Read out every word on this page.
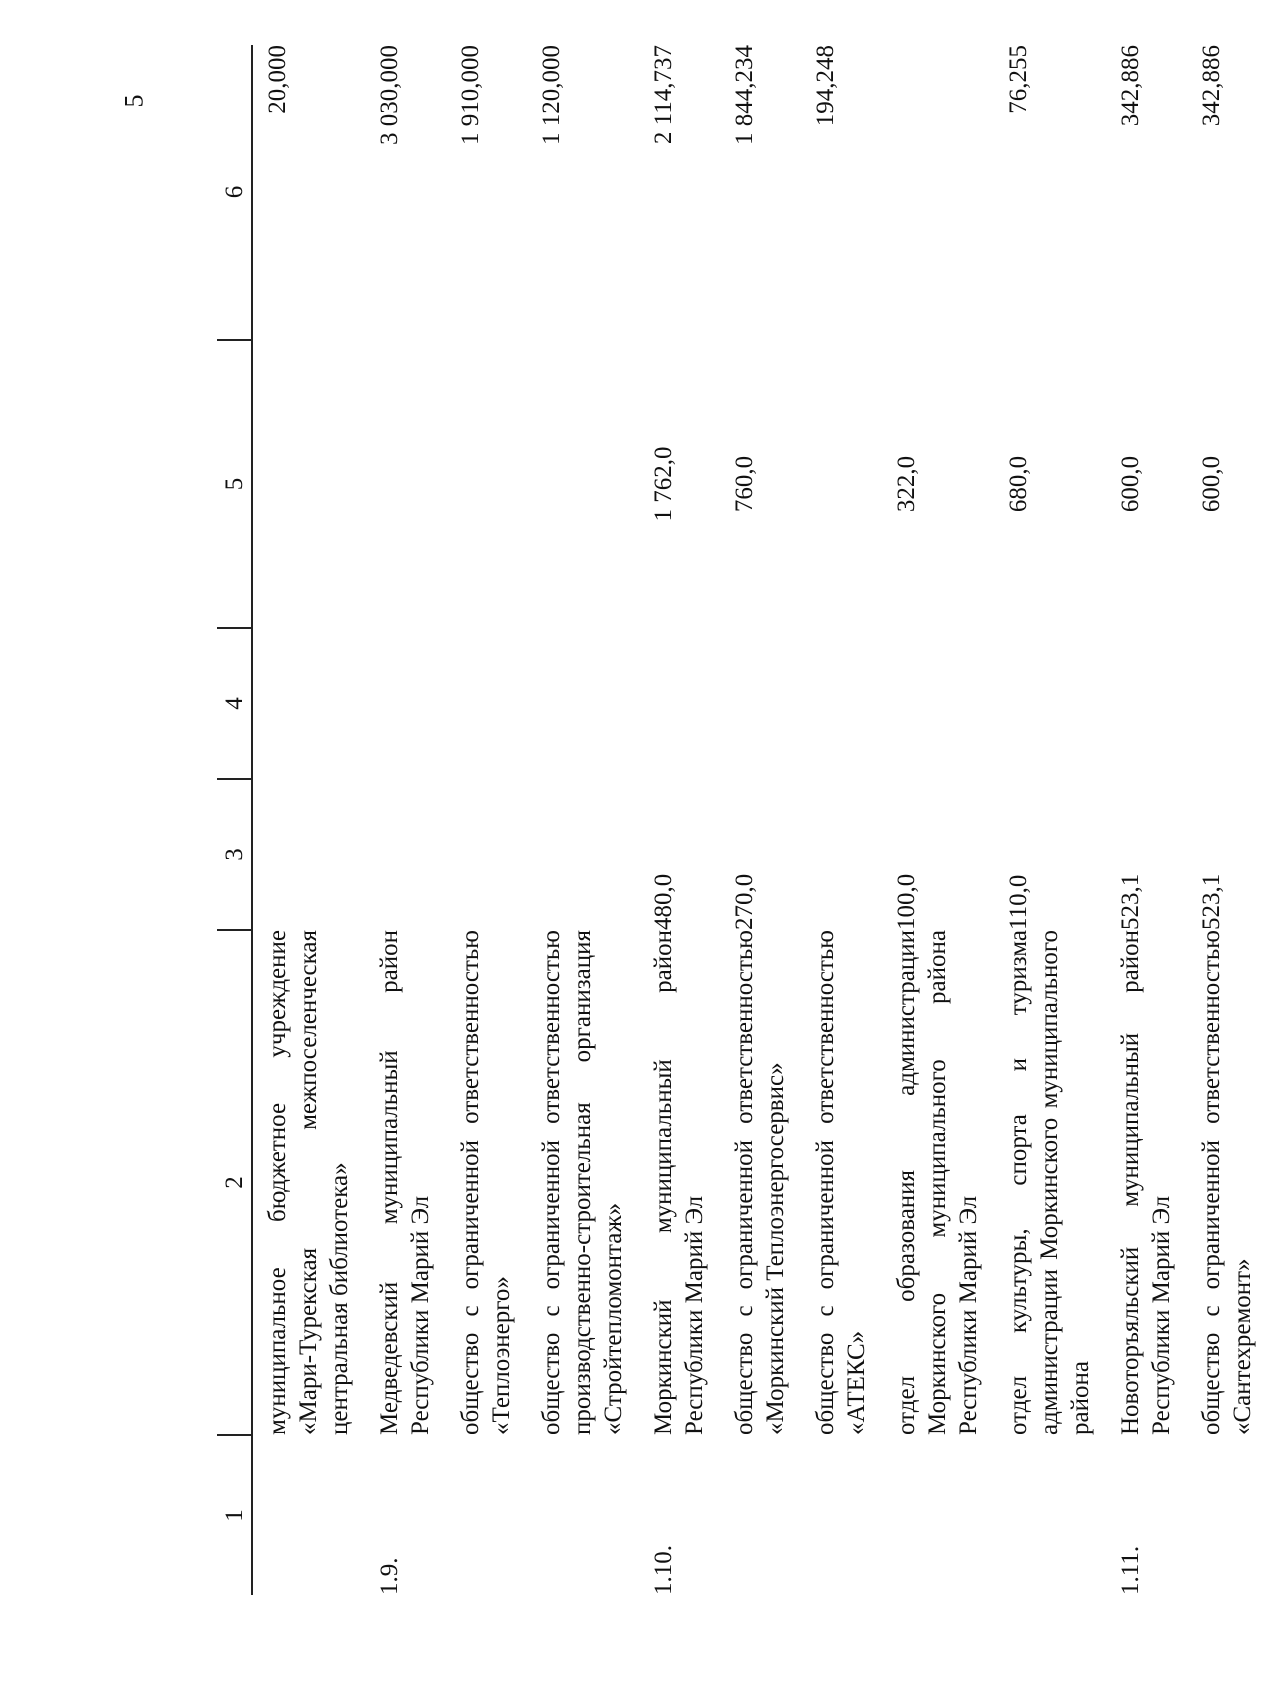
5
1	2	3	4	5	6
	муниципальное бюджетное учреждение «Мари-Турекская межпоселенческая центральная библиотека»				20,000
1.9.	Медведевский муниципальный район Республики Марий Эл				3 030,000
	общество с ограниченной ответственностью «Теплоэнерго»				1 910,000
	общество с ограниченной ответственностью производственно-строительная организация «Стройтепломонтаж»				1 120,000
1.10.	Моркинский муниципальный район Республики Марий Эл	480,0		1 762,0	2 114,737
	общество с ограниченной ответственностью «Моркинский Теплоэнергосервис»	270,0		760,0	1 844,234
	общество с ограниченной ответственностью «АТЕКС»				194,248
	отдел образования администрации Моркинского муниципального района Республики Марий Эл	100,0		322,0	
	отдел культуры, спорта и туризма администрации Моркинского муниципального района	110,0		680,0	76,255
1.11.	Новоторъяльский муниципальный район Республики Марий Эл	523,1		600,0	342,886
	общество с ограниченной ответственностью «Сантехремонт»	523,1		600,0	342,886
